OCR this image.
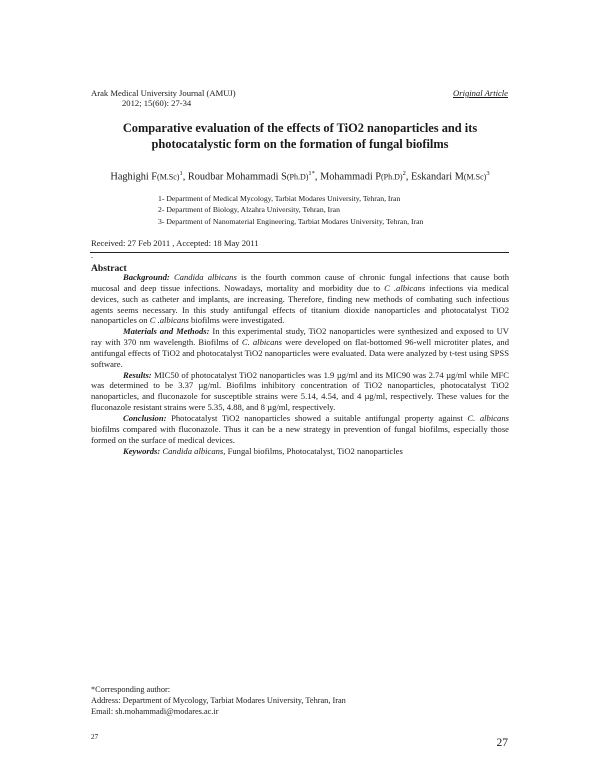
Arak Medical University Journal (AMUJ)
2012; 15(60): 27-34
Original Article
Comparative evaluation of the effects of TiO2 nanoparticles and its
photocatalystic form on the formation of fungal biofilms
Haghighi $F(M.Sc)^1$, Roudbar Mohammadi $S(Ph.D)^{1*}$, Mohammadi $P(Ph.D)^2$, Eskandari $M(M.Sc)^3$
1- Department of Medical Mycology, Tarbiat Modares University, Tehran, Iran
2- Department of Biology, Alzahra University, Tehran, Iran
3- Department of Nanomaterial Engineering, Tarbiat Modares University, Tehran, Iran
Received: 27 Feb 2011 , Accepted: 18 May 2011
.
Abstract

Background: Candida albicans is the fourth common cause of chronic fungal infections that cause both mucosal and deep tissue infections. Nowadays, mortality and morbidity due to C .albicans infections via medical devices, such as catheter and implants, are increasing. Therefore, finding new methods of combating such infectious agents seems necessary. In this study antifungal effects of titanium dioxide nanoparticles and photocatalyst TiO2 nanoparticles on C .albicans biofilms were investigated.

Materials and Methods: In this experimental study, TiO2 nanoparticles were synthesized and exposed to UV ray with 370 nm wavelength. Biofilms of C. albicans were developed on flat-bottomed 96-well microtiter plates, and antifungal effects of TiO2 and photocatalyst TiO2 nanoparticles were evaluated. Data were analyzed by t-test using SPSS software.

Results: MIC50 of photocatalyst TiO2 nanoparticles was 1.9 µg/ml and its MIC90 was 2.74 µg/ml while MFC was determined to be 3.37 µg/ml. Biofilms inhibitory concentration of TiO2 nanoparticles, photocatalyst TiO2 nanoparticles, and fluconazole for susceptible strains were 5.14, 4.54, and 4 µg/ml, respectively. These values for the fluconazole resistant strains were 5.35, 4.88, and 8 µg/ml, respectively.

Conclusion: Photocatalyst TiO2 nanoparticles showed a suitable antifungal property against C. albicans biofilms compared with fluconazole. Thus it can be a new strategy in prevention of fungal biofilms, especially those formed on the surface of medical devices.

Keywords: Candida albicans, Fungal biofilms, Photocatalyst, TiO2 nanoparticles

*Corresponding author:
Address: Department of Mycology, Tarbiat Modares University, Tehran, Iran
Email: sh.mohammadi@modares.ac.ir
27	27
